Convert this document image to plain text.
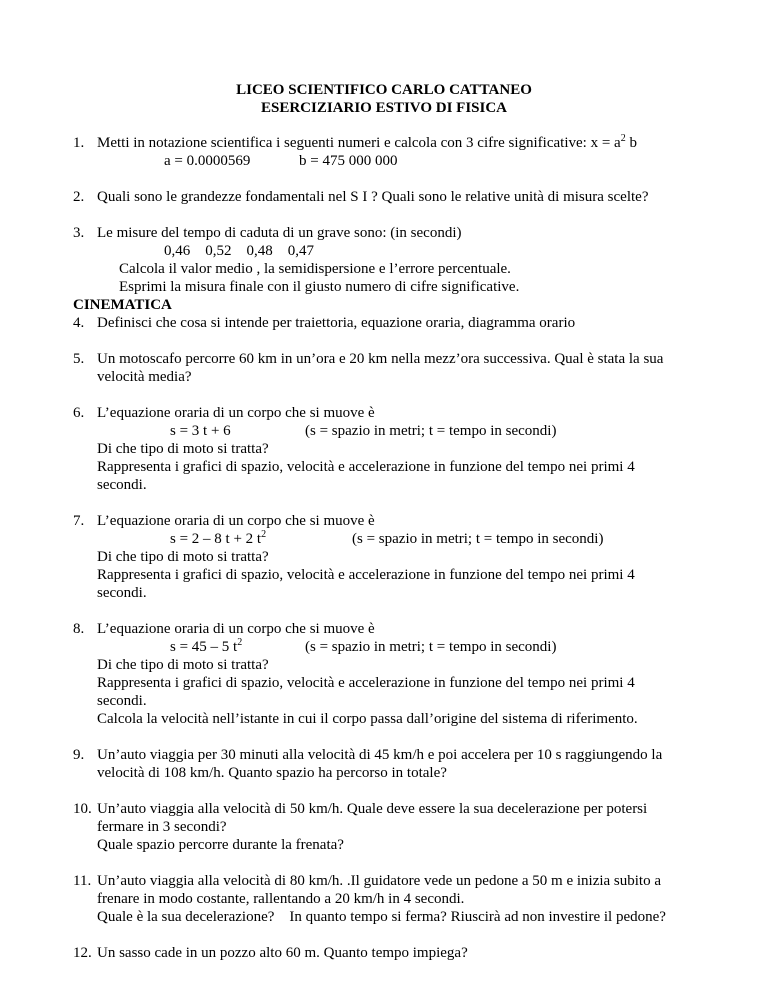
LICEO SCIENTIFICO CARLO CATTANEO
ESERCIZIARIO ESTIVO DI FISICA
1. Metti in notazione scientifica i seguenti numeri e calcola con 3 cifre significative: $x = a^2$ b
a = 0.0000569	b = 475 000 000
2. Quali sono le grandezze fondamentali nel S I ? Quali sono le relative unità di misura scelte?
3. Le misure del tempo di caduta di un grave sono: (in secondi)
0,46    0,52    0,48    0,47
Calcola il valor medio , la semidispersione e l’errore percentuale.
Esprimi la misura finale con il giusto numero di cifre significative.
CINEMATICA
4. Definisci che cosa si intende per traiettoria, equazione oraria, diagramma orario
5. Un motoscafo percorre 60 km in un’ora e 20 km nella mezz’ora successiva. Qual è stata la sua
velocità media?
6. L’equazione oraria di un corpo che si muove è
s = 3 t + 6	(s = spazio in metri; t = tempo in secondi)
Di che tipo di moto si tratta?
Rappresenta i grafici di spazio, velocità e accelerazione in funzione del tempo nei primi 4
secondi.
7. L’equazione oraria di un corpo che si muove è
s = 2 – 8 t + 2 $t^2$	(s = spazio in metri; t = tempo in secondi)
Di che tipo di moto si tratta?
Rappresenta i grafici di spazio, velocità e accelerazione in funzione del tempo nei primi 4
secondi.
8. L’equazione oraria di un corpo che si muove è
s = 45 – 5 $t^2$	(s = spazio in metri; t = tempo in secondi)
Di che tipo di moto si tratta?
Rappresenta i grafici di spazio, velocità e accelerazione in funzione del tempo nei primi 4
secondi.
Calcola la velocità nell’istante in cui il corpo passa dall’origine del sistema di riferimento.
9. Un’auto viaggia per 30 minuti alla velocità di 45 km/h e poi accelera per 10 s raggiungendo la
velocità di 108 km/h. Quanto spazio ha percorso in totale?
10. Un’auto viaggia alla velocità di 50 km/h. Quale deve essere la sua decelerazione per potersi
fermare in 3 secondi?
Quale spazio percorre durante la frenata?
11. Un’auto viaggia alla velocità di 80 km/h. .Il guidatore vede un pedone a 50 m e inizia subito a
frenare in modo costante, rallentando a 20 km/h in 4 secondi.
Quale è la sua decelerazione?    In quanto tempo si ferma? Riuscirà ad non investire il pedone?
12. Un sasso cade in un pozzo alto 60 m. Quanto tempo impiega?
